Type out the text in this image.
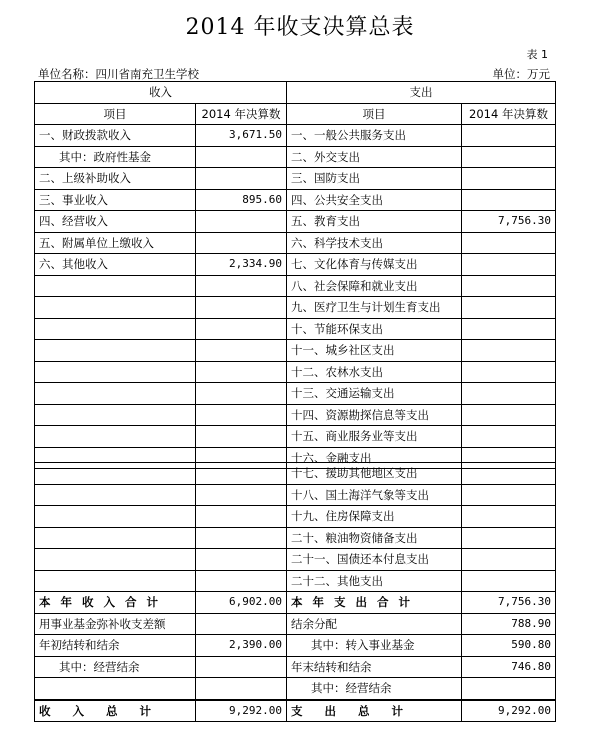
2014 年收支决算总表
表 1
单位名称：四川省南充卫生学校	单位：万元
收入		支出	
项目	2014 年决算数	项目	2014 年决算数
一、财政拨款收入	3,671.50	一、一般公共服务支出	
其中：政府性基金		二、外交支出	
二、上级补助收入		三、国防支出	
三、事业收入	895.60	四、公共安全支出	
四、经营收入		五、教育支出	7,756.30
五、附属单位上缴收入		六、科学技术支出	
六、其他收入	2,334.90	七、文化体育与传媒支出	
		八、社会保障和就业支出	
		九、医疗卫生与计划生育支出	
		十、节能环保支出	
		十一、城乡社区支出	
		十二、农林水支出	
		十三、交通运输支出	
		十四、资源勘探信息等支出	
		十五、商业服务业等支出	
		十六、金融支出	
		十七、援助其他地区支出	
		十八、国土海洋气象等支出	
		十九、住房保障支出	
		二十、粮油物资储备支出	
		二十一、国债还本付息支出	
		二十二、其他支出	
本年收入合计	6,902.00	本年支出合计	7,756.30
用事业基金弥补收支差额		结余分配	788.90
年初结转和结余	2,390.00	其中：转入事业基金	590.80
其中：经营结余		年末结转和结余	746.80
		其中：经营结余	
收入总计	9,292.00	支出总计	9,292.00
